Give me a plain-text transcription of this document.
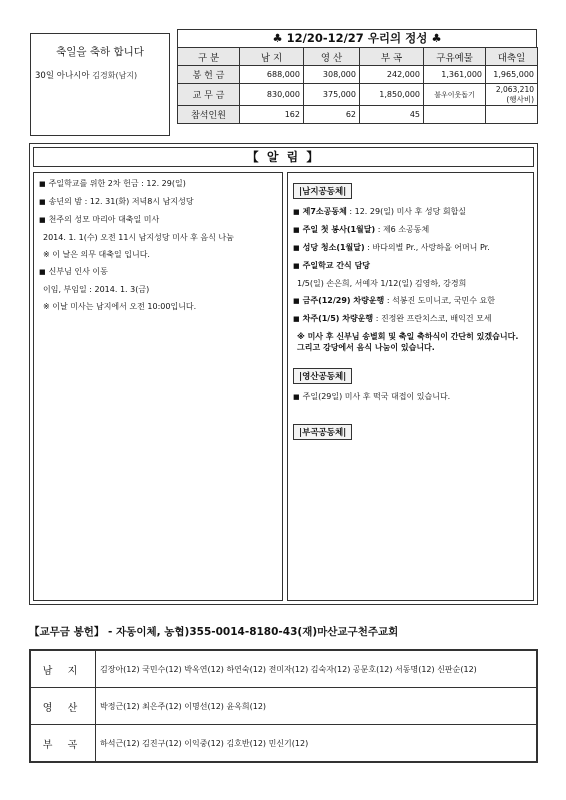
축일을 축하 합니다
30일 아나시아 김경화(남지)
♣ 12/20-12/27 우리의 정성 ♣
구 분	남 지	영 산	부 곡	구유예물	대축일
봉 헌 금	688,000	308,000	242,000	1,361,000	1,965,000
교 무 금	830,000	375,000	1,850,000	불우이웃돕기	2,063,210
(행사비)

참석인원	162	62	45		
【 알 림 】
■ 주일학교를 위한 2차 헌금 : 12. 29(일)
■ 송년의 밤 : 12. 31(화) 저녁8시 남지성당
■ 천주의 성모 마리아 대축일 미사
2014. 1. 1(수) 오전 11시 남지성당 미사 후 음식 나눔
※ 이 날은 의무 대축일 입니다.
■ 신부님 인사 이동
이임, 부임일 : 2014. 1. 3(금)
※ 이날 미사는 남지에서 오전 10:00입니다.
|남지공동체|
■ 제7소공동체 : 12. 29(일) 미사 후 성당 회합실
■ 주일 첫 봉사(1월달) : 제6 소공동체
■ 성당 청소(1월달) : 바다의별 Pr., 사랑하올 어머니 Pr.
■ 주일학교 간식 담당
1/5(일) 손은희, 서예자 1/12(일) 김영하, 강경희
■ 금주(12/29) 차량운행 : 석봉진 도미니코, 국민수 요한
■ 차주(1/5) 차량운행 : 진정완 프란치스코, 배익건 모세
※ 미사 후 신부님 송별회 및 축일 축하식이 간단히 있겠습니다. 그리고 강당에서 음식 나눔이 있습니다.
|영산공동체|
■ 주일(29일) 미사 후 떡국 대접이 있습니다.
|부곡공동체|
【교무금 봉헌】 - 자동이체, 농협)355-0014-8180-43(재)마산교구천주교회
남 지	김장아(12) 국민수(12) 박옥연(12) 하연숙(12) 전미자(12) 김숙자(12) 공문호(12) 서동명(12) 신판순(12)
영 산	박정근(12) 최은주(12) 이명선(12) 윤옥희(12)
부 곡	하석근(12) 김진구(12) 이익중(12) 김호반(12) 민신기(12)
